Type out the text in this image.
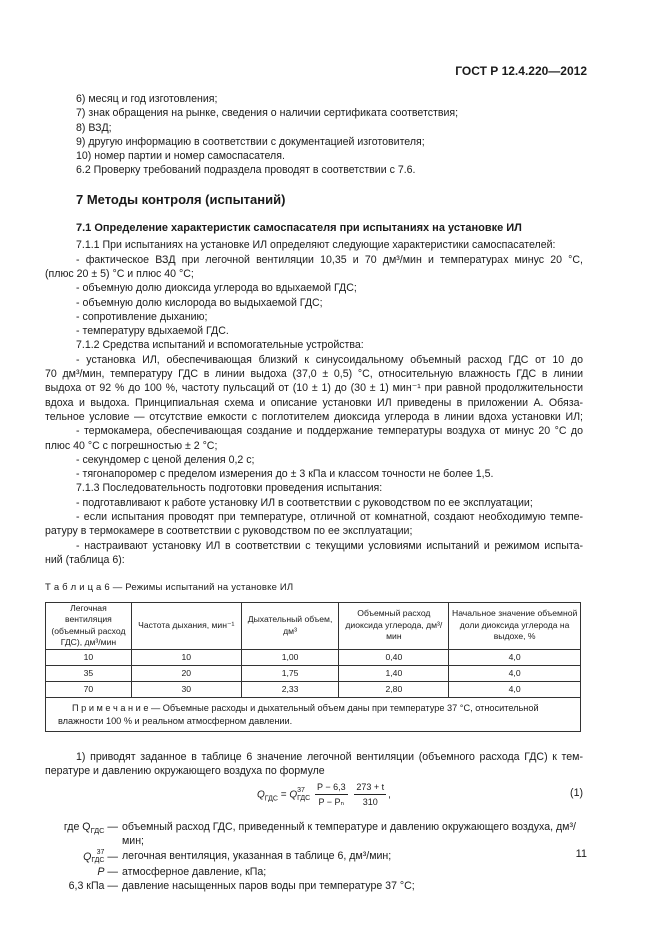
ГОСТ Р 12.4.220—2012
6) месяц и год изготовления;
7) знак обращения на рынке, сведения о наличии сертификата соответствия;
8) ВЗД;
9) другую информацию в соответствии с документацией изготовителя;
10) номер партии и номер самоспасателя.
6.2 Проверку требований подраздела проводят в соответствии с 7.6.
7 Методы контроля (испытаний)
7.1 Определение характеристик самоспасателя при испытаниях на установке ИЛ
7.1.1 При испытаниях на установке ИЛ определяют следующие характеристики самоспасателей:
- фактическое ВЗД при легочной вентиляции 10,35 и 70 дм³/мин и температурах минус 20 °С,
(плюс 20 ± 5) °С и плюс 40 °С;
- объемную долю диоксида углерода во вдыхаемой ГДС;
- объемную долю кислорода во выдыхаемой ГДС;
- сопротивление дыханию;
- температуру вдыхаемой ГДС.
7.1.2 Средства испытаний и вспомогательные устройства:
- установка ИЛ, обеспечивающая близкий к синусоидальному объемный расход ГДС от 10 до
70 дм³/мин, температуру ГДС в линии выдоха (37,0 ± 0,5) °С, относительную влажность ГДС в линии
выдоха от 92 % до 100 %, частоту пульсаций от (10 ± 1) до (30 ± 1) мин⁻¹ при равной продолжительности
вдоха и выдоха. Принципиальная схема и описание установки ИЛ приведены в приложении А. Обяза-
тельное условие — отсутствие емкости с поглотителем диоксида углерода в линии вдоха установки ИЛ;
- термокамера, обеспечивающая создание и поддержание температуры воздуха от минус 20 °С до
плюс 40 °С с погрешностью ± 2 °С;
- секундомер с ценой деления 0,2 с;
- тягонапоромер с пределом измерения до ± 3 кПа и классом точности не более 1,5.
7.1.3 Последовательность подготовки проведения испытания:
- подготавливают к работе установку ИЛ в соответствии с руководством по ее эксплуатации;
- если испытания проводят при температуре, отличной от комнатной, создают необходимую темпе-
ратуру в термокамере в соответствии с руководством по ее эксплуатации;
- настраивают установку ИЛ в соответствии с текущими условиями испытаний и режимом испыта-
ний (таблица 6):
Т а б л и ц а 6 — Режимы испытаний на установке ИЛ
Легочная вентиляция (объемный расход ГДС), дм³/мин	Частота дыхания, мин⁻¹	Дыхательный объем, дм³	Объемный расход диоксида углерода, дм³/мин	Начальное значение объемной доли диоксида углерода на выдохе, %
10	10	1,00	0,40	4,0
35	20	1,75	1,40	4,0
70	30	2,33	2,80	4,0

П р и м е ч а н и е — Объемные расходы и дыхательный объем даны при температуре 37 °С, относительной
влажности 100 % и реальном атмосферном давлении.				
1) приводят заданное в таблице 6 значение легочной вентиляции (объемного расхода ГДС) к тем-
пературе и давлению окружающего воздуха по формуле
$Q_{ГДС} = Q$ 37
ГДС
$\frac{P - 6,3}{\text{P − Pₙ}}$
$\frac{273 + t}{310}$ ,	(1)
где $Q_{ГДС}$ — объемный расход ГДС, приведенный к температуре и давлению окружающего воздуха, дм³/мин;
Q 37
ГДС — легочная вентиляция, указанная в таблице 6, дм³/мин;
P — атмосферное давление, кПа;
6,3 кПа — давление насыщенных паров воды при температуре 37 °С;
11
